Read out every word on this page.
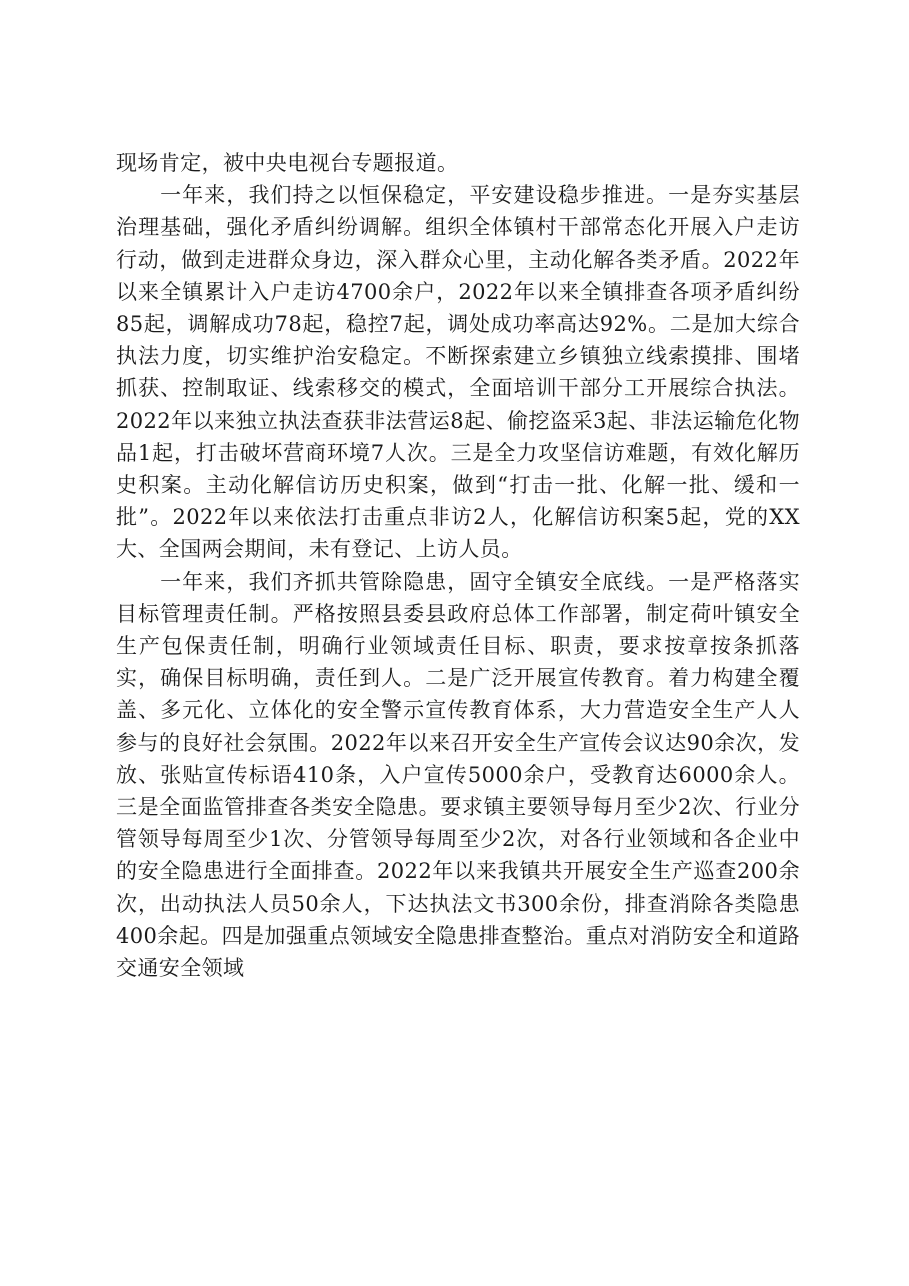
现场肯定，被中央电视台专题报道。

一年来，我们持之以恒保稳定，平安建设稳步推进。一是夯实基层治理基础，强化矛盾纠纷调解。组织全体镇村干部常态化开展入户走访行动，做到走进群众身边，深入群众心里，主动化解各类矛盾。2022年以来全镇累计入户走访4700余户，2022年以来全镇排查各项矛盾纠纷85起，调解成功78起，稳控7起，调处成功率高达92%。二是加大综合执法力度，切实维护治安稳定。不断探索建立乡镇独立线索摸排、围堵抓获、控制取证、线索移交的模式，全面培训干部分工开展综合执法。2022年以来独立执法查获非法营运8起、偷挖盗采3起、非法运输危化物品1起，打击破坏营商环境7人次。三是全力攻坚信访难题，有效化解历史积案。主动化解信访历史积案，做到“打击一批、化解一批、缓和一批”。2022年以来依法打击重点非访2人，化解信访积案5起，党的XX大、全国两会期间，未有登记、上访人员。

一年来，我们齐抓共管除隐患，固守全镇安全底线。一是严格落实目标管理责任制。严格按照县委县政府总体工作部署，制定荷叶镇安全生产包保责任制，明确行业领域责任目标、职责，要求按章按条抓落实，确保目标明确，责任到人。二是广泛开展宣传教育。着力构建全覆盖、多元化、立体化的安全警示宣传教育体系，大力营造安全生产人人参与的良好社会氛围。2022年以来召开安全生产宣传会议达90余次，发放、张贴宣传标语410条，入户宣传5000余户，受教育达6000余人。三是全面监管排查各类安全隐患。要求镇主要领导每月至少2次、行业分管领导每周至少1次、分管领导每周至少2次，对各行业领域和各企业中的安全隐患进行全面排查。2022年以来我镇共开展安全生产巡查200余次，出动执法人员50余人，下达执法文书300余份，排查消除各类隐患400余起。四是加强重点领域安全隐患排查整治。重点对消防安全和道路交通安全领域
